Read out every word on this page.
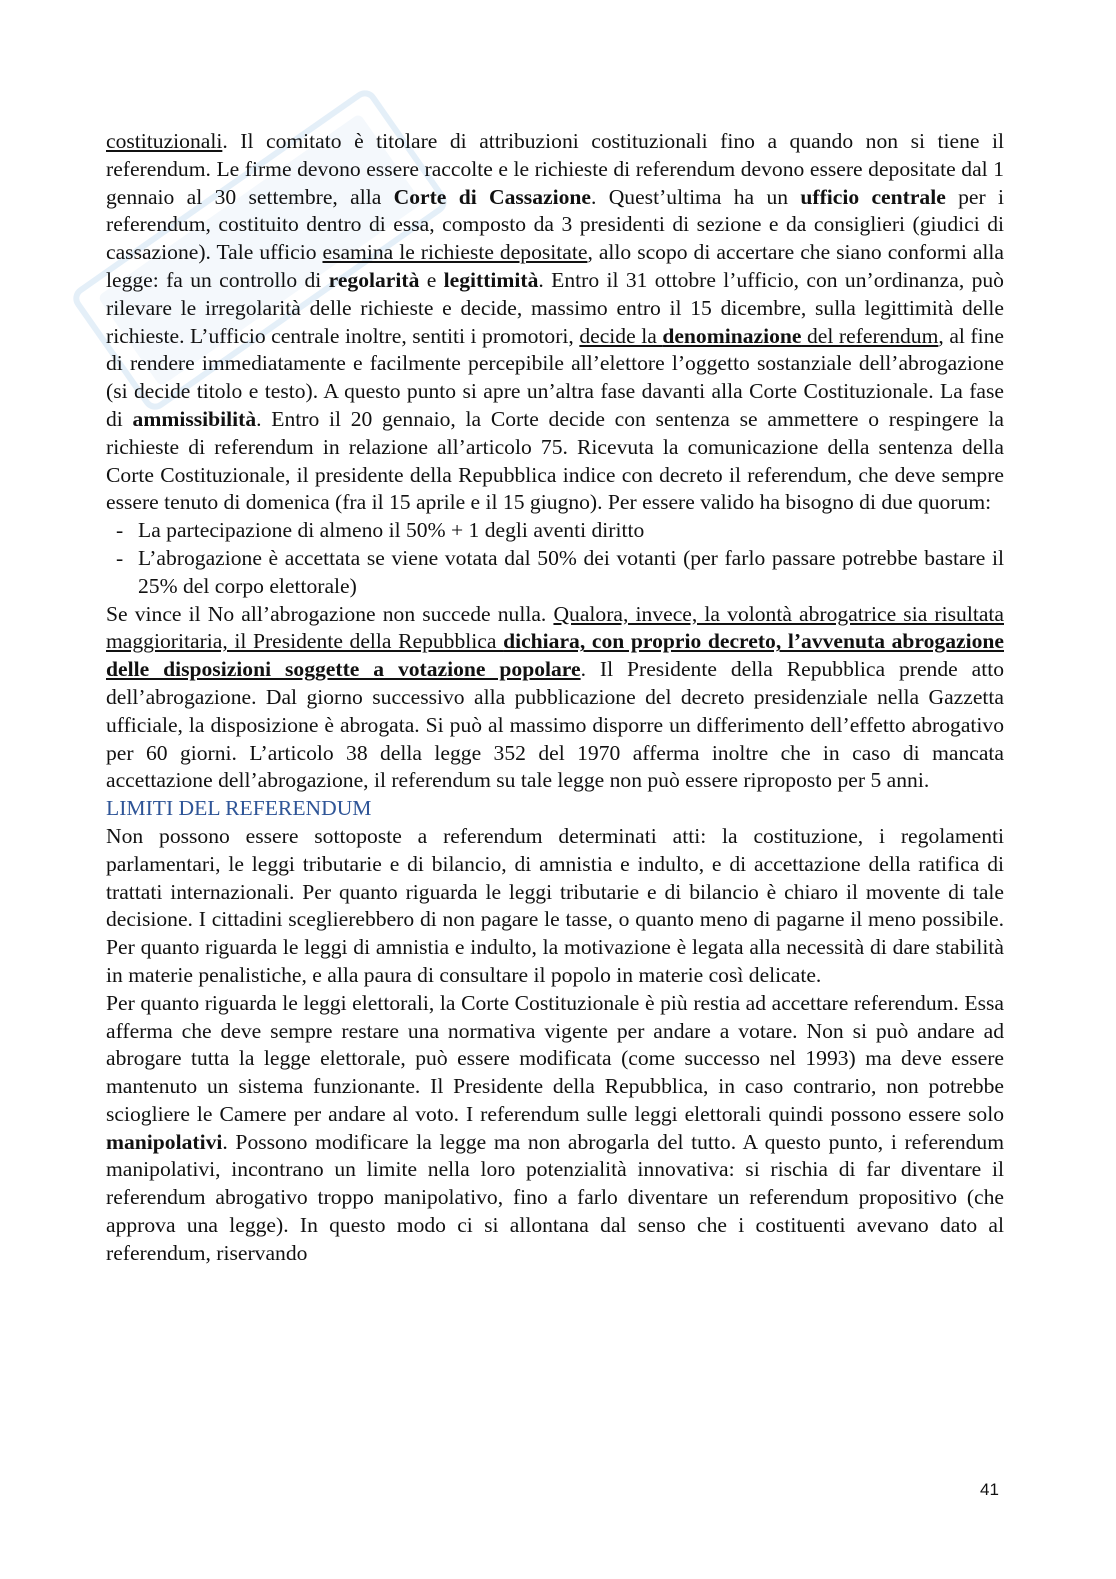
costituzionali. Il comitato è titolare di attribuzioni costituzionali fino a quando non si tiene il referendum. Le firme devono essere raccolte e le richieste di referendum devono essere depositate dal 1 gennaio al 30 settembre, alla Corte di Cassazione. Quest’ultima ha un ufficio centrale per i referendum, costituito dentro di essa, composto da 3 presidenti di sezione e da consiglieri (giudici di cassazione). Tale ufficio esamina le richieste depositate, allo scopo di accertare che siano conformi alla legge: fa un controllo di regolarità e legittimità. Entro il 31 ottobre l’ufficio, con un’ordinanza, può rilevare le irregolarità delle richieste e decide, massimo entro il 15 dicembre, sulla legittimità delle richieste. L’ufficio centrale inoltre, sentiti i promotori, decide la denominazione del referendum, al fine di rendere immediatamente e facilmente percepibile all’elettore l’oggetto sostanziale dell’abrogazione (si decide titolo e testo). A questo punto si apre un’altra fase davanti alla Corte Costituzionale. La fase di ammissibilità. Entro il 20 gennaio, la Corte decide con sentenza se ammettere o respingere la richieste di referendum in relazione all’articolo 75. Ricevuta la comunicazione della sentenza della Corte Costituzionale, il presidente della Repubblica indice con decreto il referendum, che deve sempre essere tenuto di domenica (fra il 15 aprile e il 15 giugno). Per essere valido ha bisogno di due quorum:

- La partecipazione di almeno il 50% + 1 degli aventi diritto
- L’abrogazione è accettata se viene votata dal 50% dei votanti (per farlo passare potrebbe bastare il 25% del corpo elettorale)

Se vince il No all’abrogazione non succede nulla. Qualora, invece, la volontà abrogatrice sia risultata maggioritaria, il Presidente della Repubblica dichiara, con proprio decreto, l’avvenuta abrogazione delle disposizioni soggette a votazione popolare. Il Presidente della Repubblica prende atto dell’abrogazione. Dal giorno successivo alla pubblicazione del decreto presidenziale nella Gazzetta ufficiale, la disposizione è abrogata. Si può al massimo disporre un differimento dell’effetto abrogativo per 60 giorni. L’articolo 38 della legge 352 del 1970 afferma inoltre che in caso di mancata accettazione dell’abrogazione, il referendum su tale legge non può essere riproposto per 5 anni.

LIMITI DEL REFERENDUM

Non possono essere sottoposte a referendum determinati atti: la costituzione, i regolamenti parlamentari, le leggi tributarie e di bilancio, di amnistia e indulto, e di accettazione della ratifica di trattati internazionali. Per quanto riguarda le leggi tributarie e di bilancio è chiaro il movente di tale decisione. I cittadini sceglierebbero di non pagare le tasse, o quanto meno di pagarne il meno possibile. Per quanto riguarda le leggi di amnistia e indulto, la motivazione è legata alla necessità di dare stabilità in materie penalistiche, e alla paura di consultare il popolo in materie così delicate.

Per quanto riguarda le leggi elettorali, la Corte Costituzionale è più restia ad accettare referendum. Essa afferma che deve sempre restare una normativa vigente per andare a votare. Non si può andare ad abrogare tutta la legge elettorale, può essere modificata (come successo nel 1993) ma deve essere mantenuto un sistema funzionante. Il Presidente della Repubblica, in caso contrario, non potrebbe sciogliere le Camere per andare al voto. I referendum sulle leggi elettorali quindi possono essere solo manipolativi. Possono modificare la legge ma non abrogarla del tutto. A questo punto, i referendum manipolativi, incontrano un limite nella loro potenzialità innovativa: si rischia di far diventare il referendum abrogativo troppo manipolativo, fino a farlo diventare un referendum propositivo (che approva una legge). In questo modo ci si allontana dal senso che i costituenti avevano dato al referendum, riservando

41
